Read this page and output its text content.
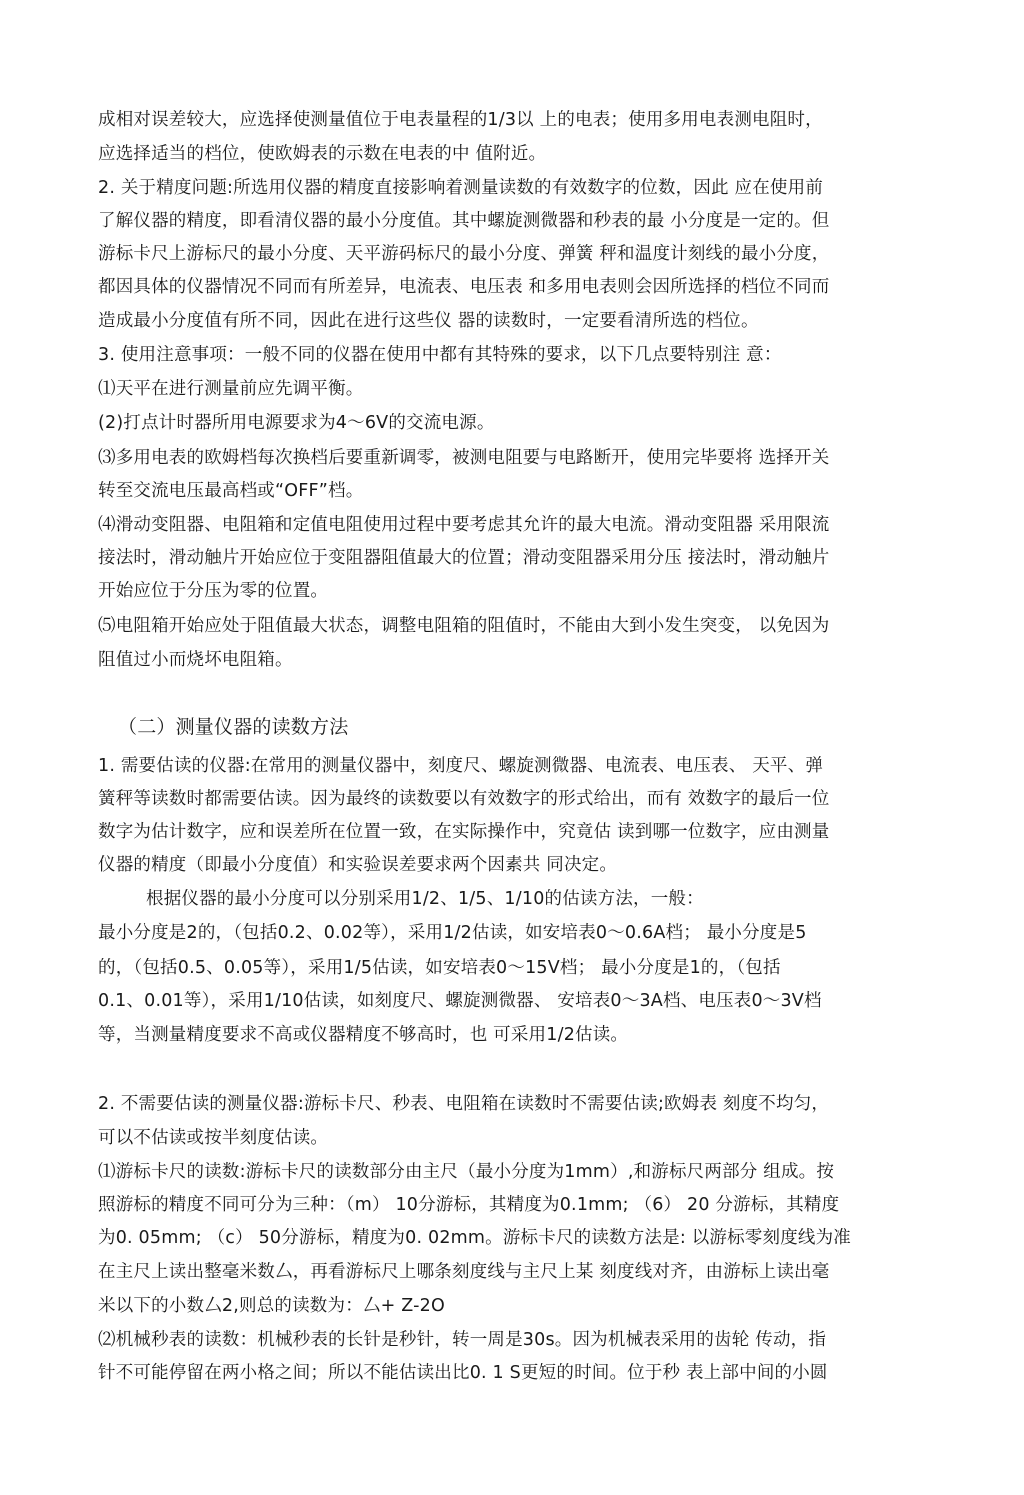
成相对误差较大，应选择使测量值位于电表量程的1/3以 上的电表；使用多用电表测电阻时，
应选择适当的档位，使欧姆表的示数在电表的中 值附近。
2. 关于精度问题:所选用仪器的精度直接影响着测量读数的有效数字的位数，因此 应在使用前
了解仪器的精度，即看清仪器的最小分度值。其中螺旋测微器和秒表的最 小分度是一定的。但
游标卡尺上游标尺的最小分度、天平游码标尺的最小分度、弹簧 秤和温度计刻线的最小分度，
都因具体的仪器情况不同而有所差异，电流表、电压表 和多用电表则会因所选择的档位不同而
造成最小分度值有所不同，因此在进行这些仪 器的读数时，一定要看清所选的档位。
3. 使用注意事项：一般不同的仪器在使用中都有其特殊的要求，以下几点要特别注 意：
⑴天平在进行测量前应先调平衡。
(2)打点计时器所用电源要求为4～6V的交流电源。
⑶多用电表的欧姆档每次换档后要重新调零，被测电阻要与电路断开，使用完毕要将 选择开关
转至交流电压最高档或“OFF”档。
⑷滑动变阻器、电阻箱和定值电阻使用过程中要考虑其允许的最大电流。滑动变阻器 采用限流
接法时，滑动触片开始应位于变阻器阻值最大的位置；滑动变阻器采用分压 接法时，滑动触片
开始应位于分压为零的位置。
⑸电阻箱开始应处于阻值最大状态，调整电阻箱的阻值时，不能由大到小发生突变， 以免因为
阻值过小而烧坏电阻箱。
（二）测量仪器的读数方法
1. 需要估读的仪器:在常用的测量仪器中，刻度尺、螺旋测微器、电流表、电压表、 天平、弹
簧秤等读数时都需要估读。因为最终的读数要以有效数字的形式给出，而有 效数字的最后一位
数字为估计数字，应和误差所在位置一致，在实际操作中，究竟估 读到哪一位数字，应由测量
仪器的精度（即最小分度值）和实验误差要求两个因素共 同决定。
根据仪器的最小分度可以分别采用1/2、1/5、1/10的估读方法，一般：
最小分度是2的，（包括0.2、0.02等），采用1/2估读，如安培表0～0.6A档； 最小分度是5
的，（包括0.5、0.05等），采用1/5估读，如安培表0～15V档； 最小分度是1的，（包括
0.1、0.01等），采用1/10估读，如刻度尺、螺旋测微器、 安培表0～3A档、电压表0～3V档
等，当测量精度要求不高或仪器精度不够高时，也 可采用1/2估读。
2. 不需要估读的测量仪器:游标卡尺、秒表、电阻箱在读数时不需要估读;欧姆表 刻度不均匀，
可以不估读或按半刻度估读。
⑴游标卡尺的读数:游标卡尺的读数部分由主尺（最小分度为1mm）,和游标尺两部分 组成。按
照游标的精度不同可分为三种：（m） 10分游标，其精度为0.1mm; （6） 20 分游标，其精度
为0. 05mm; （c） 50分游标，精度为0. 02mm。游标卡尺的读数方法是: 以游标零刻度线为准
在主尺上读出整毫米数厶，再看游标尺上哪条刻度线与主尺上某 刻度线对齐，由游标上读出毫
米以下的小数厶2,则总的读数为：厶+ Z-2O
⑵机械秒表的读数：机械秒表的长针是秒针，转一周是30s。因为机械表采用的齿轮 传动，指
针不可能停留在两小格之间；所以不能估读出比0. 1 S更短的时间。位于秒 表上部中间的小圆
